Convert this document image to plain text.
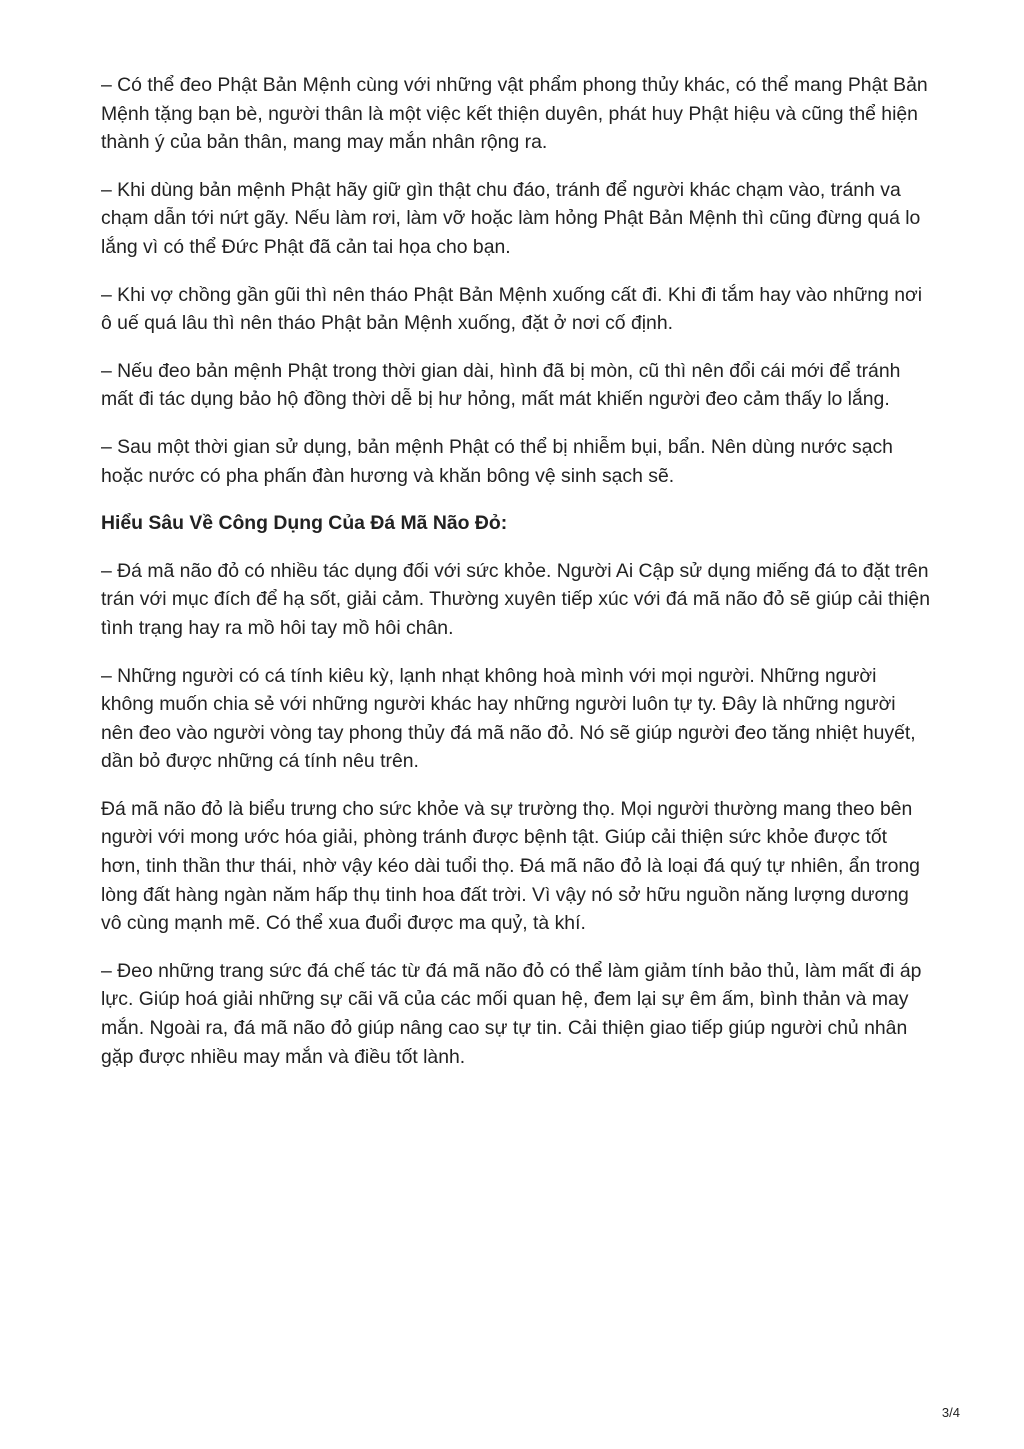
– Có thể đeo Phật Bản Mệnh cùng với những vật phẩm phong thủy khác, có thể mang Phật Bản Mệnh tặng bạn bè, người thân là một việc kết thiện duyên, phát huy Phật hiệu và cũng thể hiện thành ý của bản thân, mang may mắn nhân rộng ra.

– Khi dùng bản mệnh Phật hãy giữ gìn thật chu đáo, tránh để người khác chạm vào, tránh va chạm dẫn tới nứt gãy. Nếu làm rơi, làm vỡ hoặc làm hỏng Phật Bản Mệnh thì cũng đừng quá lo lắng vì có thể Đức Phật đã cản tai họa cho bạn.

– Khi vợ chồng gần gũi thì nên tháo Phật Bản Mệnh xuống cất đi. Khi đi tắm hay vào những nơi ô uế quá lâu thì nên tháo Phật bản Mệnh xuống, đặt ở nơi cố định.

– Nếu đeo bản mệnh Phật trong thời gian dài, hình đã bị mòn, cũ thì nên đổi cái mới để tránh mất đi tác dụng bảo hộ đồng thời dễ bị hư hỏng, mất mát khiến người đeo cảm thấy lo lắng.

– Sau một thời gian sử dụng, bản mệnh Phật có thể bị nhiễm bụi, bẩn. Nên dùng nước sạch hoặc nước có pha phấn đàn hương và khăn bông vệ sinh sạch sẽ.

Hiểu Sâu Về Công Dụng Của Đá Mã Não Đỏ:

– Đá mã não đỏ có nhiều tác dụng đối với sức khỏe. Người Ai Cập sử dụng miếng đá to đặt trên trán với mục đích để hạ sốt, giải cảm. Thường xuyên tiếp xúc với đá mã não đỏ sẽ giúp cải thiện tình trạng hay ra mồ hôi tay mồ hôi chân.

– Những người có cá tính kiêu kỳ, lạnh nhạt không hoà mình với mọi người. Những người không muốn chia sẻ với những người khác hay những người luôn tự ty. Đây là những người nên đeo vào người vòng tay phong thủy đá mã não đỏ. Nó sẽ giúp người đeo tăng nhiệt huyết, dần bỏ được những cá tính nêu trên.

Đá mã não đỏ là biểu trưng cho sức khỏe và sự trường thọ. Mọi người thường mang theo bên người với mong ước hóa giải, phòng tránh được bệnh tật. Giúp cải thiện sức khỏe được tốt hơn, tinh thần thư thái, nhờ vậy kéo dài tuổi thọ. Đá mã não đỏ là loại đá quý tự nhiên, ẩn trong lòng đất hàng ngàn năm hấp thụ tinh hoa đất trời. Vì vậy nó sở hữu nguồn năng lượng dương vô cùng mạnh mẽ. Có thể xua đuổi được ma quỷ, tà khí.

– Đeo những trang sức đá chế tác từ đá mã não đỏ có thể làm giảm tính bảo thủ, làm mất đi áp lực. Giúp hoá giải những sự cãi vã của các mối quan hệ, đem lại sự êm ấm, bình thản và may mắn. Ngoài ra, đá mã não đỏ giúp nâng cao sự tự tin. Cải thiện giao tiếp giúp người chủ nhân gặp được nhiều may mắn và điều tốt lành.

3/4
